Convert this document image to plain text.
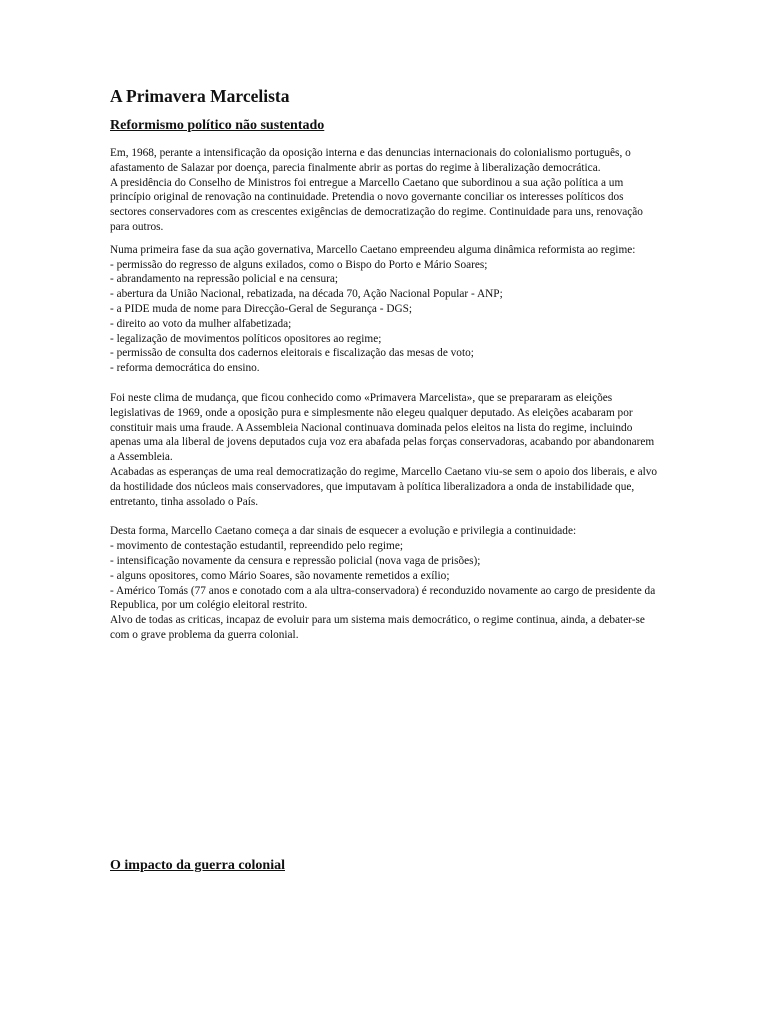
A Primavera Marcelista
Reformismo político não sustentado

Em, 1968, perante a intensificação da oposição interna e das denuncias internacionais do colonialismo português, o afastamento de Salazar por doença, parecia finalmente abrir as portas do regime à liberalização democrática.

A presidência do Conselho de Ministros foi entregue a Marcello Caetano que subordinou a sua ação política a um princípio original de renovação na continuidade. Pretendia o novo governante conciliar os interesses políticos dos sectores conservadores com as crescentes exigências de democratização do regime. Continuidade para uns, renovação para outros.

Numa primeira fase da sua ação governativa, Marcello Caetano empreendeu alguma dinâmica reformista ao regime:

- permissão do regresso de alguns exilados, como o Bispo do Porto e Mário Soares;

- abrandamento na repressão policial e na censura;

- abertura da União Nacional, rebatizada, na década 70, Ação Nacional Popular - ANP;

- a PIDE muda de nome para Direcção-Geral de Segurança - DGS;

- direito ao voto da mulher alfabetizada;

- legalização de movimentos políticos opositores ao regime;

- permissão de consulta dos cadernos eleitorais e fiscalização das mesas de voto;

- reforma democrática do ensino.

Foi neste clima de mudança, que ficou conhecido como «Primavera Marcelista», que se prepararam as eleições legislativas de 1969, onde a oposição pura e simplesmente não elegeu qualquer deputado. As eleições acabaram por constituir mais uma fraude. A Assembleia Nacional continuava dominada pelos eleitos na lista do regime, incluindo apenas uma ala liberal de jovens deputados cuja voz era abafada pelas forças conservadoras, acabando por abandonarem a Assembleia.

Acabadas as esperanças de uma real democratização do regime, Marcello Caetano viu-se sem o apoio dos liberais, e alvo da hostilidade dos núcleos mais conservadores, que imputavam à política liberalizadora a onda de instabilidade que, entretanto, tinha assolado o País.

Desta forma, Marcello Caetano começa a dar sinais de esquecer a evolução e privilegia a continuidade:

- movimento de contestação estudantil, repreendido pelo regime;

- intensificação novamente da censura e repressão policial (nova vaga de prisões);

- alguns opositores, como Mário Soares, são novamente remetidos a exílio;

- Américo Tomás (77 anos e conotado com a ala ultra-conservadora) é reconduzido novamente ao cargo de presidente da Republica, por um colégio eleitoral restrito.

Alvo de todas as criticas, incapaz de evoluir para um sistema mais democrático, o regime continua, ainda, a debater-se com o grave problema da guerra colonial.

O impacto da guerra colonial
